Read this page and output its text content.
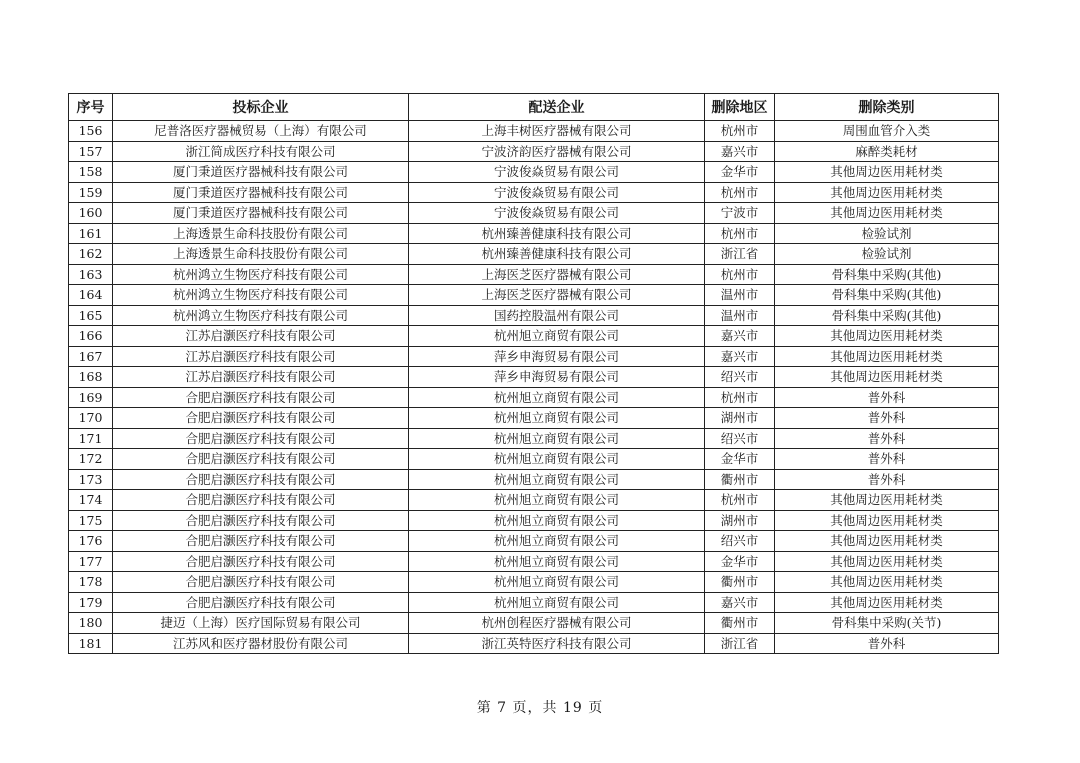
序号	投标企业	配送企业	删除地区	删除类别
156	尼普洛医疗器械贸易（上海）有限公司	上海丰树医疗器械有限公司	杭州市	周围血管介入类
157	浙江简成医疗科技有限公司	宁波济韵医疗器械有限公司	嘉兴市	麻醉类耗材
158	厦门秉道医疗器械科技有限公司	宁波俊焱贸易有限公司	金华市	其他周边医用耗材类
159	厦门秉道医疗器械科技有限公司	宁波俊焱贸易有限公司	杭州市	其他周边医用耗材类
160	厦门秉道医疗器械科技有限公司	宁波俊焱贸易有限公司	宁波市	其他周边医用耗材类
161	上海透景生命科技股份有限公司	杭州臻善健康科技有限公司	杭州市	检验试剂
162	上海透景生命科技股份有限公司	杭州臻善健康科技有限公司	浙江省	检验试剂
163	杭州鸿立生物医疗科技有限公司	上海医芝医疗器械有限公司	杭州市	骨科集中采购(其他)
164	杭州鸿立生物医疗科技有限公司	上海医芝医疗器械有限公司	温州市	骨科集中采购(其他)
165	杭州鸿立生物医疗科技有限公司	国药控股温州有限公司	温州市	骨科集中采购(其他)
166	江苏启灏医疗科技有限公司	杭州旭立商贸有限公司	嘉兴市	其他周边医用耗材类
167	江苏启灏医疗科技有限公司	萍乡申海贸易有限公司	嘉兴市	其他周边医用耗材类
168	江苏启灏医疗科技有限公司	萍乡申海贸易有限公司	绍兴市	其他周边医用耗材类
169	合肥启灏医疗科技有限公司	杭州旭立商贸有限公司	杭州市	普外科
170	合肥启灏医疗科技有限公司	杭州旭立商贸有限公司	湖州市	普外科
171	合肥启灏医疗科技有限公司	杭州旭立商贸有限公司	绍兴市	普外科
172	合肥启灏医疗科技有限公司	杭州旭立商贸有限公司	金华市	普外科
173	合肥启灏医疗科技有限公司	杭州旭立商贸有限公司	衢州市	普外科
174	合肥启灏医疗科技有限公司	杭州旭立商贸有限公司	杭州市	其他周边医用耗材类
175	合肥启灏医疗科技有限公司	杭州旭立商贸有限公司	湖州市	其他周边医用耗材类
176	合肥启灏医疗科技有限公司	杭州旭立商贸有限公司	绍兴市	其他周边医用耗材类
177	合肥启灏医疗科技有限公司	杭州旭立商贸有限公司	金华市	其他周边医用耗材类
178	合肥启灏医疗科技有限公司	杭州旭立商贸有限公司	衢州市	其他周边医用耗材类
179	合肥启灏医疗科技有限公司	杭州旭立商贸有限公司	嘉兴市	其他周边医用耗材类
180	捷迈（上海）医疗国际贸易有限公司	杭州创程医疗器械有限公司	衢州市	骨科集中采购(关节)
181	江苏风和医疗器材股份有限公司	浙江英特医疗科技有限公司	浙江省	普外科
第 7 页，共 19 页
